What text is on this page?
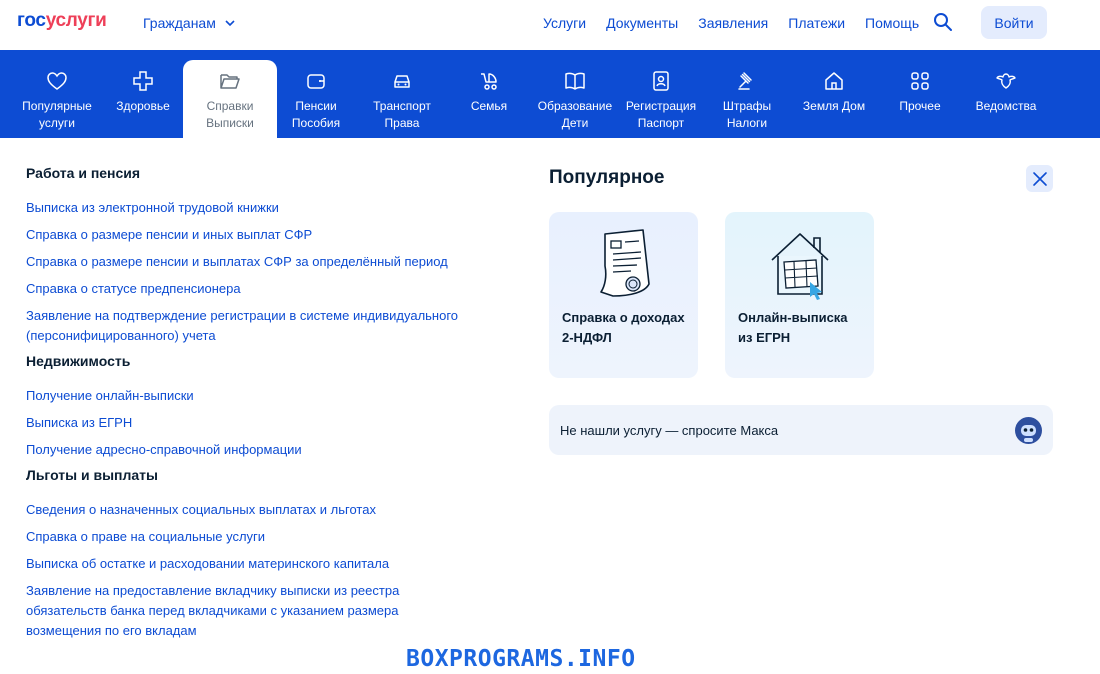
госуслуги	Гражданам	Услуги Документы Заявления Платежи Помощь	Войти
Популярные
услуги
Здоровье	Справки
Выписки
Пенсии
Пособия
Транспорт
Права
Семья	Образование
Дети
Регистрация
Паспорт
Штрафы
Налоги
Земля Дом	Прочее	Ведомства
Работа и пенсия
Выписка из электронной трудовой книжки
Справка о размере пенсии и иных выплат СФР
Справка о размере пенсии и выплатах СФР за определённый период
Справка о статусе предпенсионера
Заявление на подтверждение регистрации в системе индивидуального (персонифицированного) учета
Недвижимость
Получение онлайн-выписки
Выписка из ЕГРН
Получение адресно-справочной информации
Льготы и выплаты
Сведения о назначенных социальных выплатах и льготах
Справка о праве на социальные услуги
Выписка об остатке и расходовании материнского капитала
Заявление на предоставление вкладчику выписки из реестра обязательств банка перед вкладчиками с указанием размера возмещения по его вкладам
Популярное
Справка о доходах
2-НДФЛ
Онлайн-выписка
из ЕГРН
Не нашли услугу — спросите Макса
BOXPROGRAMS.INFO
